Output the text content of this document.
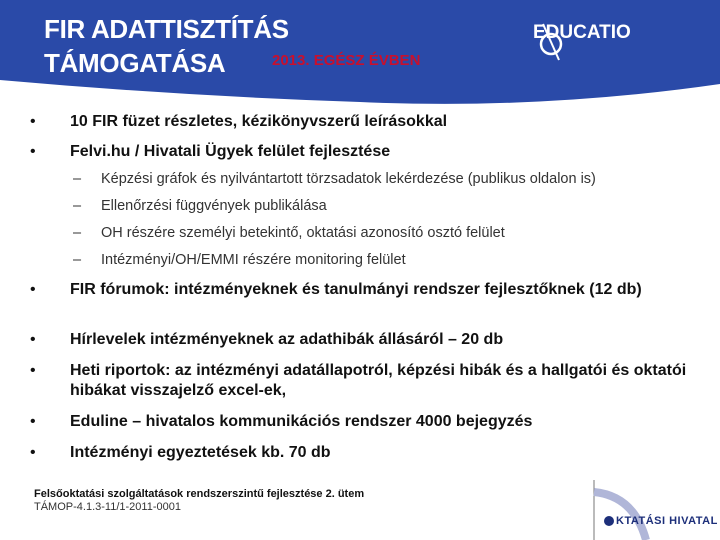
FIR ADATTISZTÍTÁS
TÁMOGATÁSA	2013. EGÉSZ ÉVBEN
EDUCATIO
•	10 FIR füzet részletes, kézikönyvszerű leírásokkal
•	Felvi.hu / Hivatali Ügyek felület fejlesztése
–	Képzési gráfok és nyilvántartott törzsadatok lekérdezése (publikus oldalon is)
–	Ellenőrzési függvények publikálása
–	OH részére személyi betekintő, oktatási azonosító osztó felület
–	Intézményi/OH/EMMI részére monitoring felület
•	FIR fórumok: intézményeknek és tanulmányi rendszer fejlesztőknek (12 db)
•	Hírlevelek intézményeknek az adathibák állásáról – 20 db
•	Heti riportok: az intézményi adatállapotról, képzési hibák és a hallgatói és oktatói hibákat visszajelző excel-ek,
•	Eduline – hivatalos kommunikációs rendszer 4000 bejegyzés
•	Intézményi egyeztetések kb. 70 db
Felsőoktatási szolgáltatások rendszerszintű fejlesztése 2. ütem
TÁMOP-4.1.3-11/1-2011-0001
KTATÁSI HIVATAL
